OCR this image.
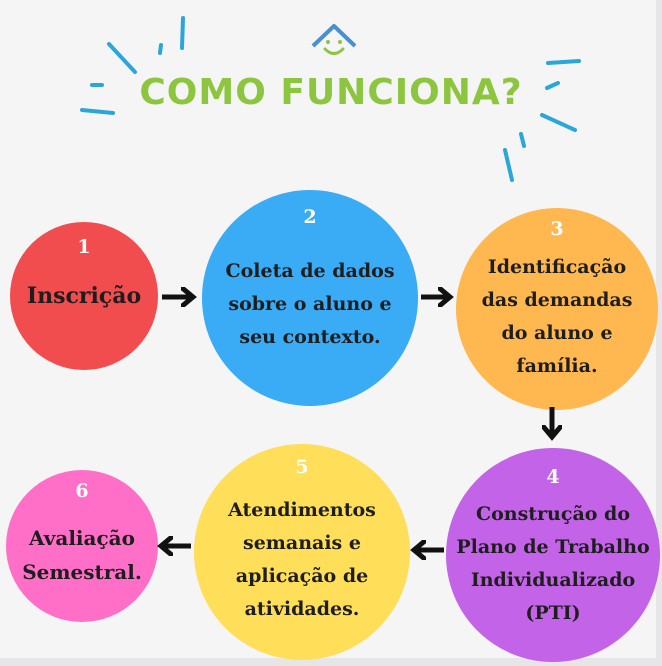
COMO FUNCIONA?
1
Inscrição
2
Coleta de dados
sobre o aluno e
seu contexto.
3
Identificação
das demandas
do aluno e
família.
4
Construção do
Plano de Trabalho
Individualizado
(PTI)
5
Atendimentos
semanais e
aplicação de
atividades.
6
Avaliação
Semestral.
